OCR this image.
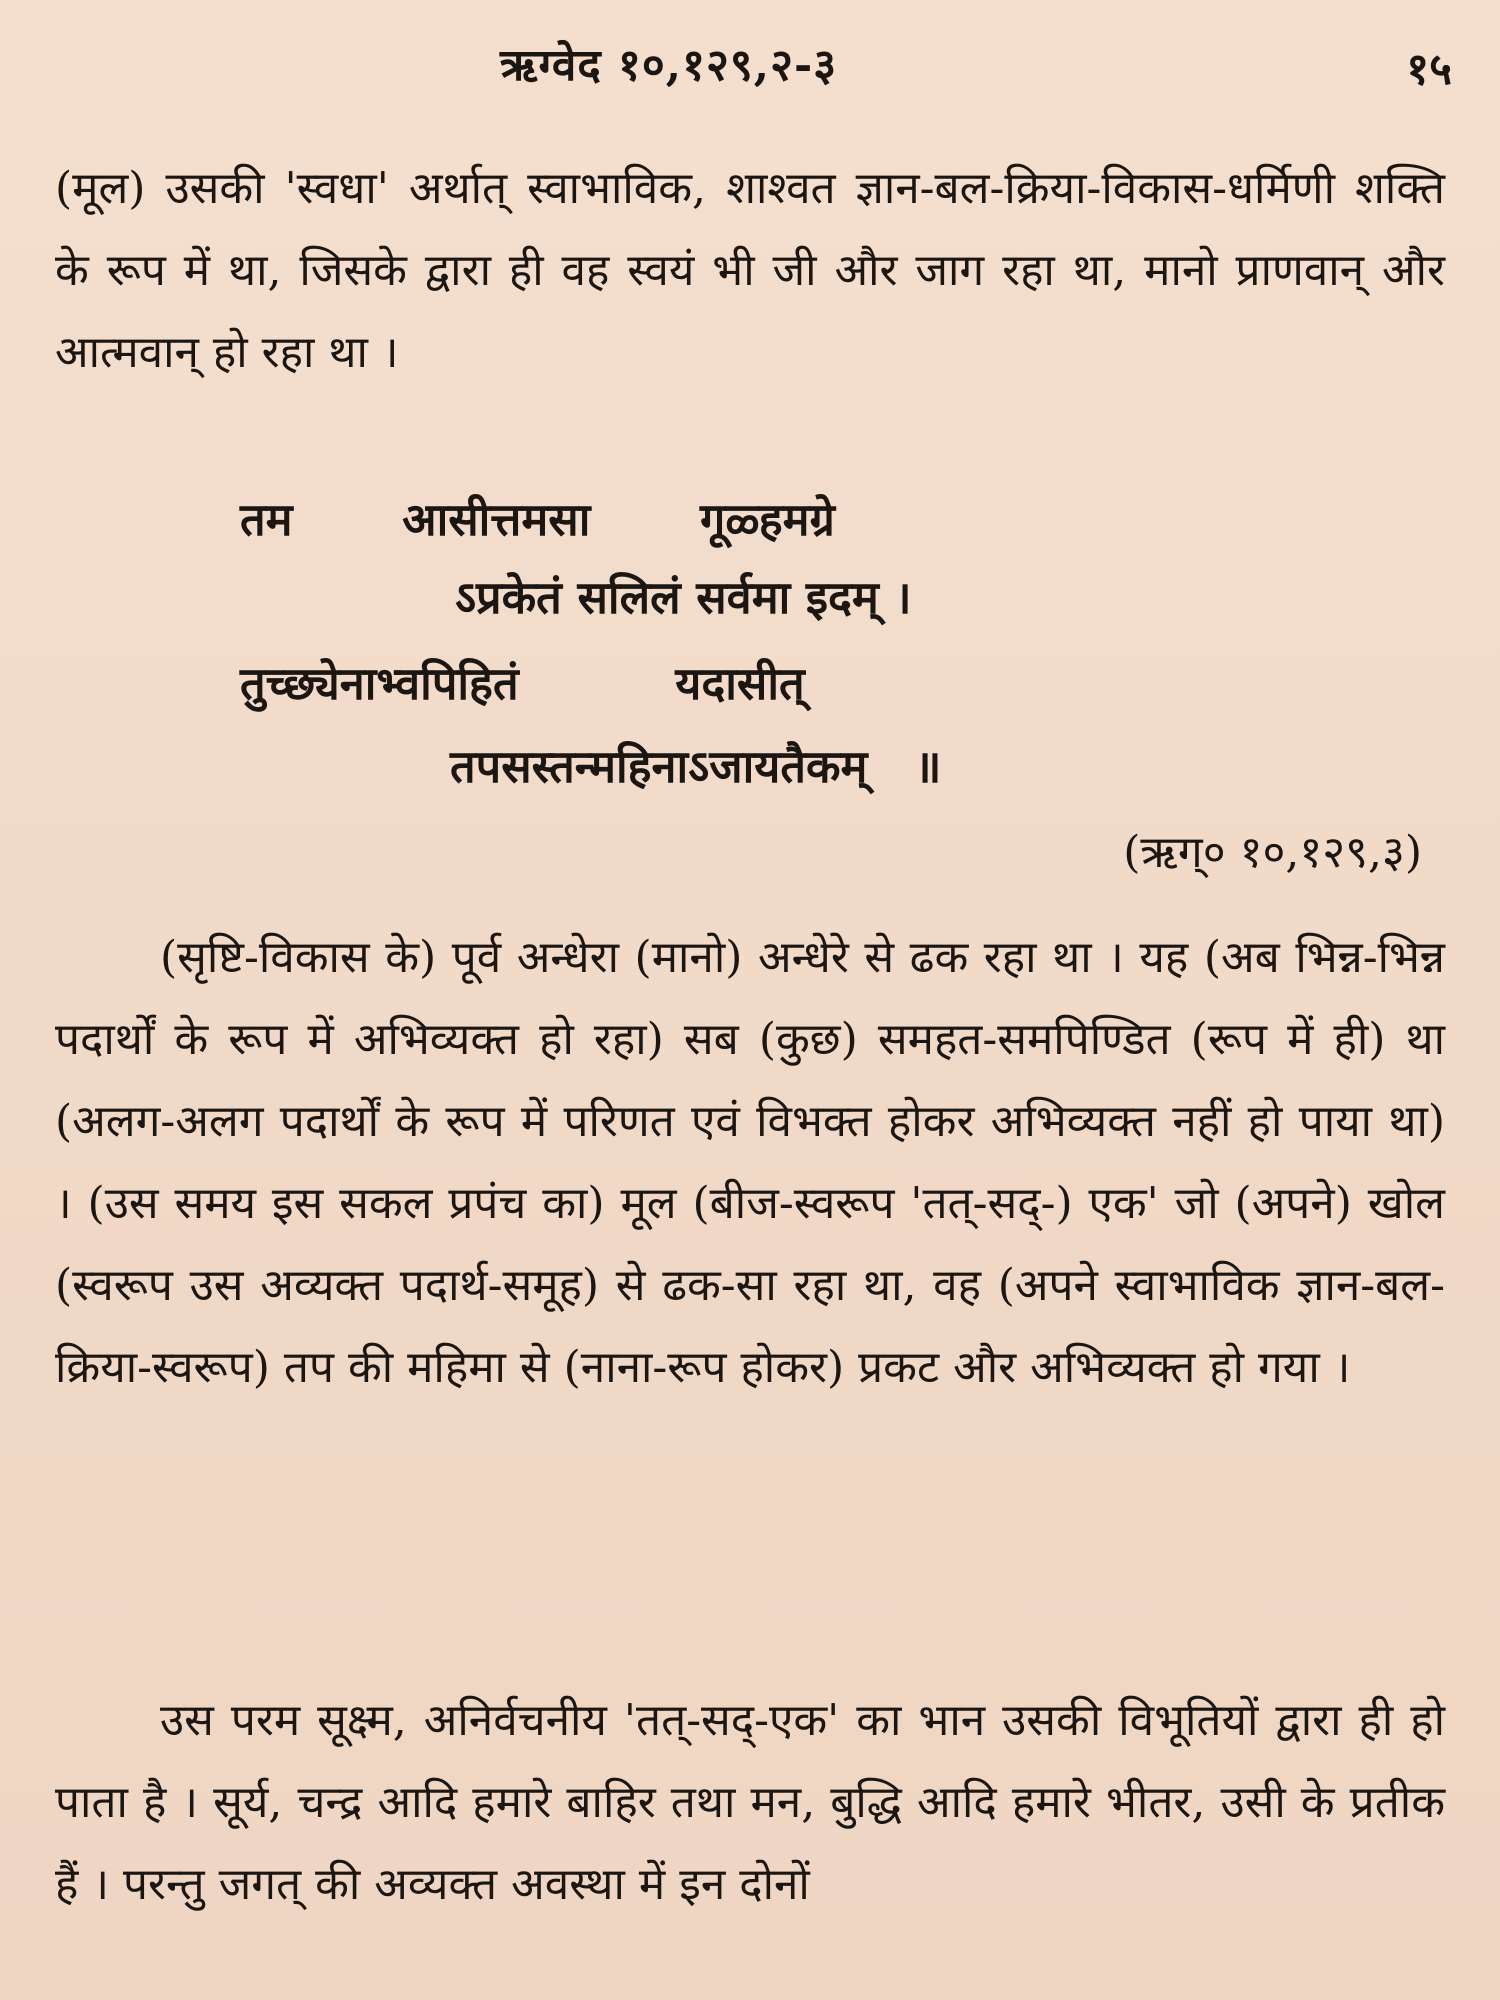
ऋग्वेद १०,१२९,२-३	१५

(मूल) उसकी 'स्वधा' अर्थात् स्वाभाविक, शाश्वत ज्ञान-बल-क्रिया-विकास-धर्मिणी शक्ति के रूप में था, जिसके द्वारा ही वह स्वयं भी जी और जाग रहा था, मानो प्राणवान् और आत्मवान् हो रहा था ।

तम       आसीत्तमसा       गूळ्हमग्रे

ऽप्रकेतं सलिलं सर्वमा इदम् ।

तुच्छ्येनाभ्वपिहितं          यदासीत्

तपसस्तन्महिनाऽजायतैकम्   ॥

(ऋग्० १०,१२९,३)

(सृष्टि-विकास के) पूर्व अन्धेरा (मानो) अन्धेरे से ढक रहा था । यह (अब भिन्न-भिन्न पदार्थों के रूप में अभिव्यक्त हो रहा) सब (कुछ) समहत-समपिण्डित (रूप में ही) था (अलग-अलग पदार्थों के रूप में परिणत एवं विभक्त होकर अभिव्यक्त नहीं हो पाया था) । (उस समय इस सकल प्रपंच का) मूल (बीज-स्वरूप 'तत्-सद्-) एक' जो (अपने) खोल (स्वरूप उस अव्यक्त पदार्थ-समूह) से ढक-सा रहा था, वह (अपने स्वाभाविक ज्ञान-बल-क्रिया-स्वरूप) तप की महिमा से (नाना-रूप होकर) प्रकट और अभिव्यक्त हो गया ।

उस परम सूक्ष्म, अनिर्वचनीय 'तत्-सद्-एक' का भान उसकी विभूतियों द्वारा ही हो पाता है । सूर्य, चन्द्र आदि हमारे बाहिर तथा मन, बुद्धि आदि हमारे भीतर, उसी के प्रतीक हैं । परन्तु जगत् की अव्यक्त अवस्था में इन दोनों
